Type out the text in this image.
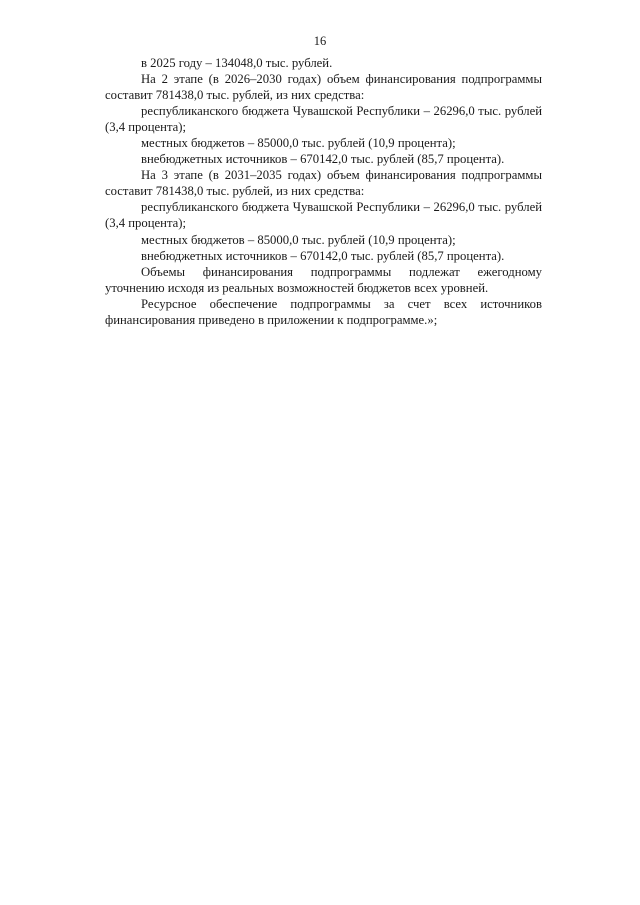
16

в 2025 году – 134048,0 тыс. рублей.

На 2 этапе (в 2026–2030 годах) объем финансирования подпрограммы составит 781438,0 тыс. рублей, из них средства:

республиканского бюджета Чувашской Республики – 26296,0 тыс. рублей (3,4 процента);

местных бюджетов – 85000,0 тыс. рублей (10,9 процента);

внебюджетных источников – 670142,0 тыс. рублей (85,7 процента).

На 3 этапе (в 2031–2035 годах) объем финансирования подпрограммы составит 781438,0 тыс. рублей, из них средства:

республиканского бюджета Чувашской Республики – 26296,0 тыс. рублей (3,4 процента);

местных бюджетов – 85000,0 тыс. рублей (10,9 процента);

внебюджетных источников – 670142,0 тыс. рублей (85,7 процента).

Объемы финансирования подпрограммы подлежат ежегодному уточнению исходя из реальных возможностей бюджетов всех уровней.

Ресурсное обеспечение подпрограммы за счет всех источников финансирования приведено в приложении к подпрограмме.»;
